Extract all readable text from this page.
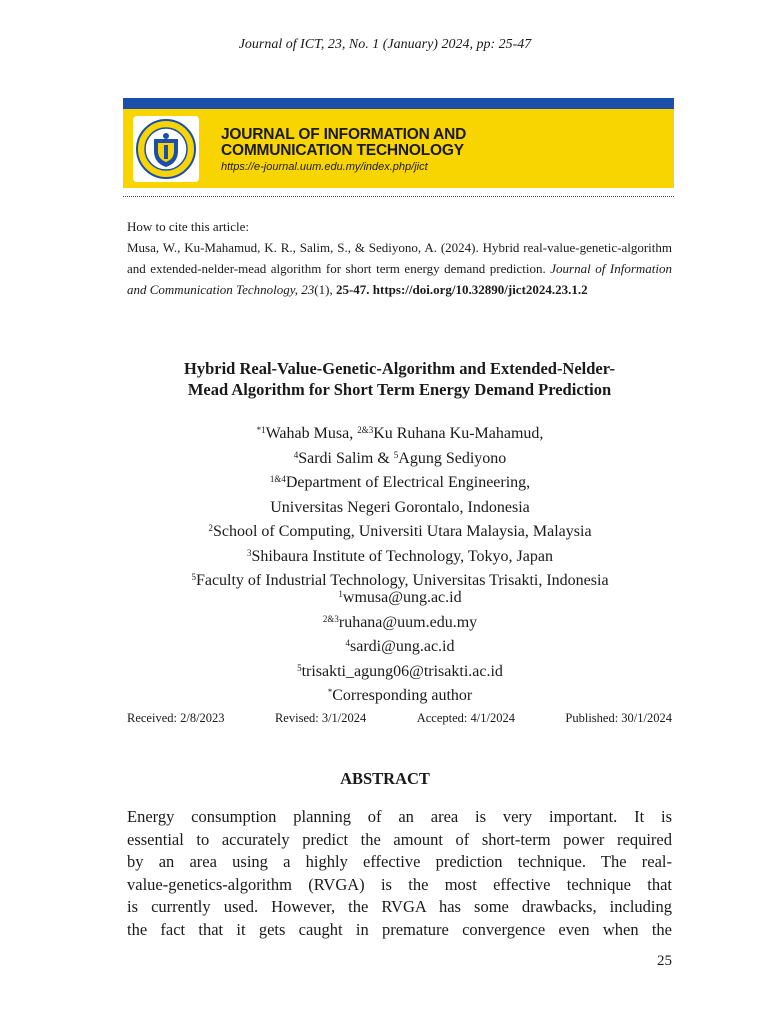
Journal of ICT, 23, No. 1 (January) 2024, pp: 25-47
JOURNAL OF INFORMATION AND
COMMUNICATION TECHNOLOGY
https://e-journal.uum.edu.my/index.php/jict
How to cite this article:
Musa, W., Ku-Mahamud, K. R., Salim, S., & Sediyono, A. (2024). Hybrid real-value-genetic-algorithm and extended-nelder-mead algorithm for short term energy demand prediction. Journal of Information and Communication Technology, 23(1), 25-47. https://doi.org/10.32890/jict2024.23.1.2
Hybrid Real-Value-Genetic-Algorithm and Extended-Nelder-
Mead Algorithm for Short Term Energy Demand Prediction
$^{*1}$Wahab Musa, $^{2\&3}$Ku Ruhana Ku-Mahamud,
$^4$Sardi Salim & $^5$Agung Sediyono
$^{1\&4}$Department of Electrical Engineering,
Universitas Negeri Gorontalo, Indonesia
$^2$School of Computing, Universiti Utara Malaysia, Malaysia
$^3$Shibaura Institute of Technology, Tokyo, Japan
$^5$Faculty of Industrial Technology, Universitas Trisakti, Indonesia
$^1$wmusa@ung.ac.id
$^{2\&3}$ruhana@uum.edu.my
$^4$sardi@ung.ac.id
$^5$trisakti_agung06@trisakti.ac.id
*Corresponding author
Received: 2/8/2023	Revised: 3/1/2024	Accepted: 4/1/2024	Published: 30/1/2024
ABSTRACT
Energy consumption planning of an area is very important. It is
essential to accurately predict the amount of short-term power required
by an area using a highly effective prediction technique. The real-
value-genetics-algorithm (RVGA) is the most effective technique that
is currently used. However, the RVGA has some drawbacks, including
the fact that it gets caught in premature convergence even when the
25
